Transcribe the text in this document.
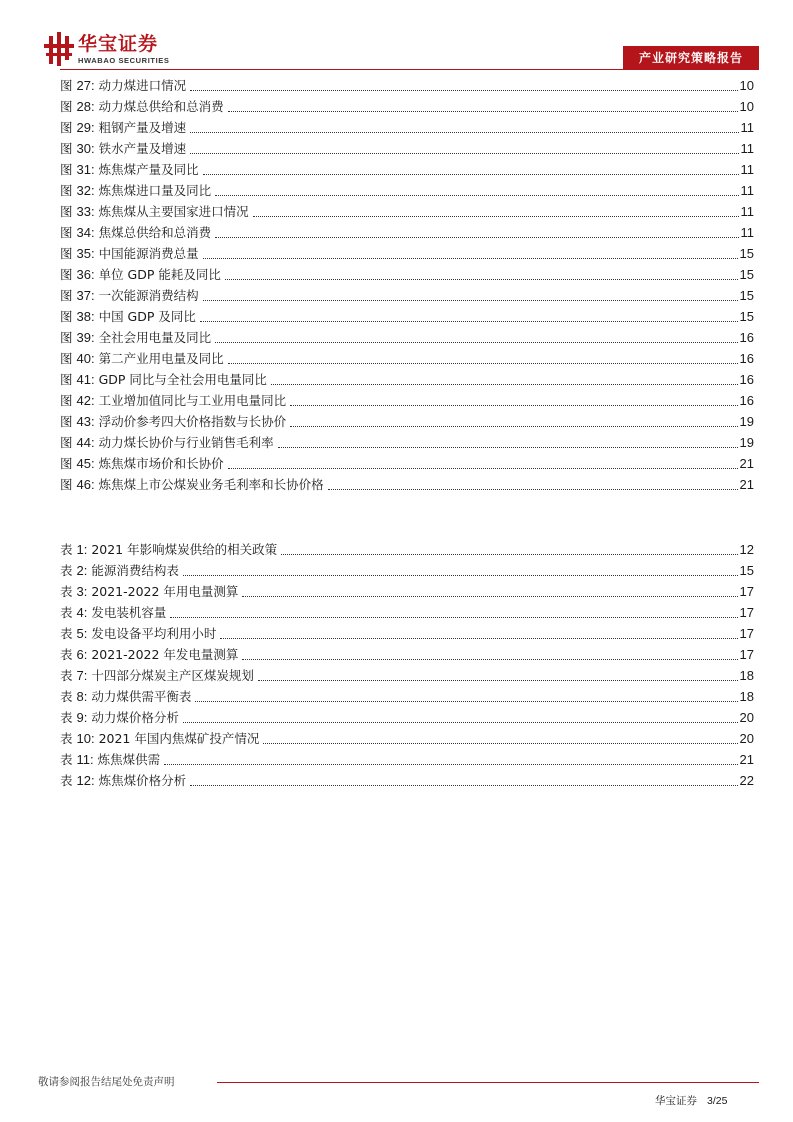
华宝证券
HWABAO SECURITIES	产业研究策略报告
图 27: 动力煤进口情况	10
图 28: 动力煤总供给和总消费	10
图 29: 粗钢产量及增速	11
图 30: 铁水产量及增速	11
图 31: 炼焦煤产量及同比	11
图 32: 炼焦煤进口量及同比	11
图 33: 炼焦煤从主要国家进口情况	11
图 34: 焦煤总供给和总消费	11
图 35: 中国能源消费总量	15
图 36: 单位 GDP 能耗及同比	15
图 37: 一次能源消费结构	15
图 38: 中国 GDP 及同比	15
图 39: 全社会用电量及同比	16
图 40: 第二产业用电量及同比	16
图 41: GDP 同比与全社会用电量同比	16
图 42: 工业增加值同比与工业用电量同比	16
图 43: 浮动价参考四大价格指数与长协价	19
图 44: 动力煤长协价与行业销售毛利率	19
图 45: 炼焦煤市场价和长协价	21
图 46: 炼焦煤上市公煤炭业务毛利率和长协价格	21
表 1: 2021 年影响煤炭供给的相关政策	12
表 2: 能源消费结构表	15
表 3: 2021-2022 年用电量测算	17
表 4: 发电装机容量	17
表 5: 发电设备平均利用小时	17
表 6: 2021-2022 年发电量测算	17
表 7: 十四部分煤炭主产区煤炭规划	18
表 8: 动力煤供需平衡表	18
表 9: 动力煤价格分析	20
表 10: 2021 年国内焦煤矿投产情况	20
表 11: 炼焦煤供需	21
表 12: 炼焦煤价格分析	22
敬请参阅报告结尾处免责声明
华宝证券 3/25
